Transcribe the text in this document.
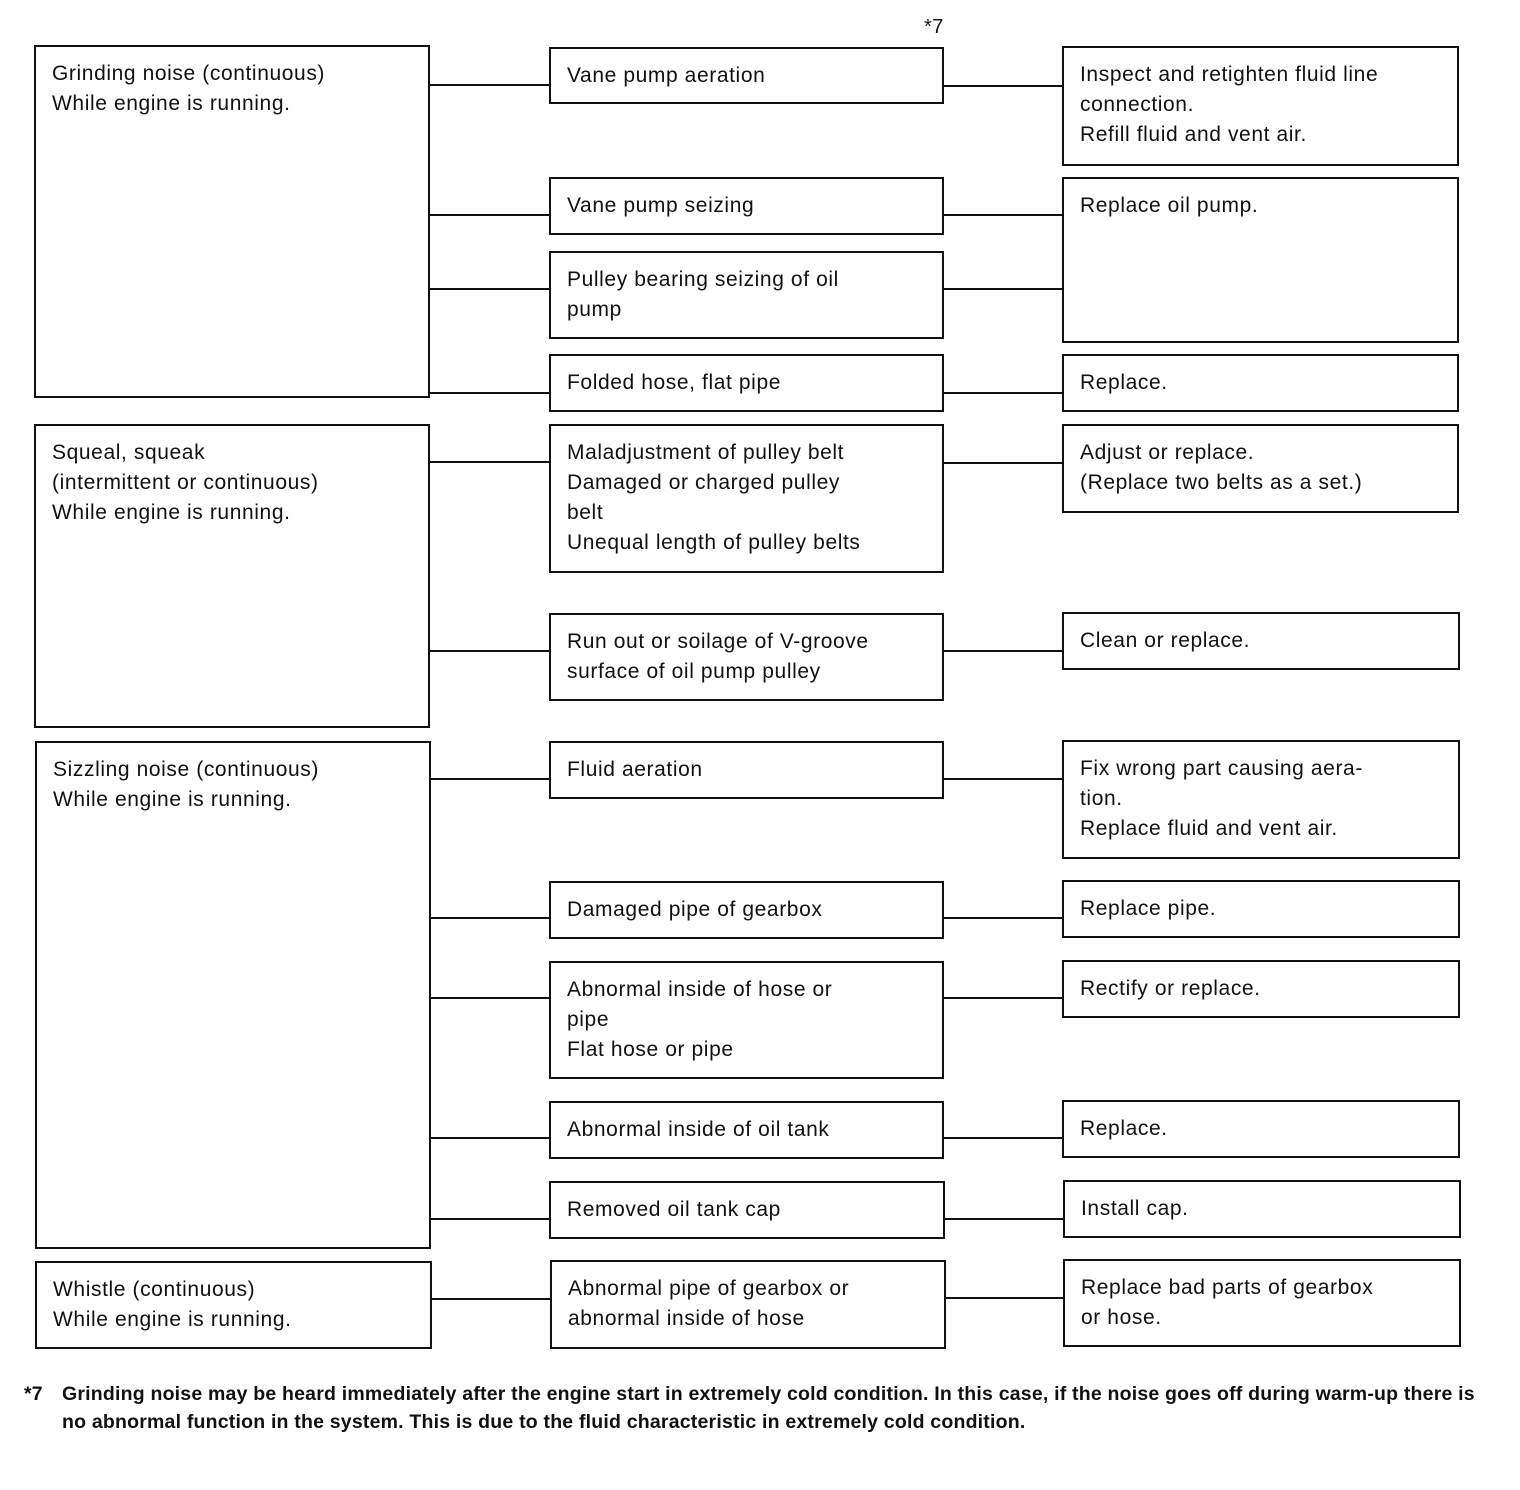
*7
Grinding noise (continuous)
While engine is running.
Squeal, squeak
(intermittent or continuous)
While engine is running.
Sizzling noise (continuous)
While engine is running.
Whistle (continuous)
While engine is running.
Vane pump aeration
Vane pump seizing
Pulley bearing seizing of oil
pump
Folded hose, flat pipe
Maladjustment of pulley belt
Damaged or charged pulley
belt
Unequal length of pulley belts
Run out or soilage of V-groove
surface of oil pump pulley
Fluid aeration
Damaged pipe of gearbox
Abnormal inside of hose or
pipe
Flat hose or pipe
Abnormal inside of oil tank
Removed oil tank cap
Abnormal pipe of gearbox or
abnormal inside of hose
Inspect and retighten fluid line
connection.
Refill fluid and vent air.
Replace oil pump.
Replace.
Adjust or replace.
(Replace two belts as a set.)
Clean or replace.
Fix wrong part causing aera-
tion.
Replace fluid and vent air.
Replace pipe.
Rectify or replace.
Replace.
Install cap.
Replace bad parts of gearbox
or hose.
*7 Grinding noise may be heard immediately after the engine start in extremely cold condition. In this case, if the noise goes off during warm-up there is no abnormal function in the system. This is due to the fluid characteristic in extremely cold condition.
